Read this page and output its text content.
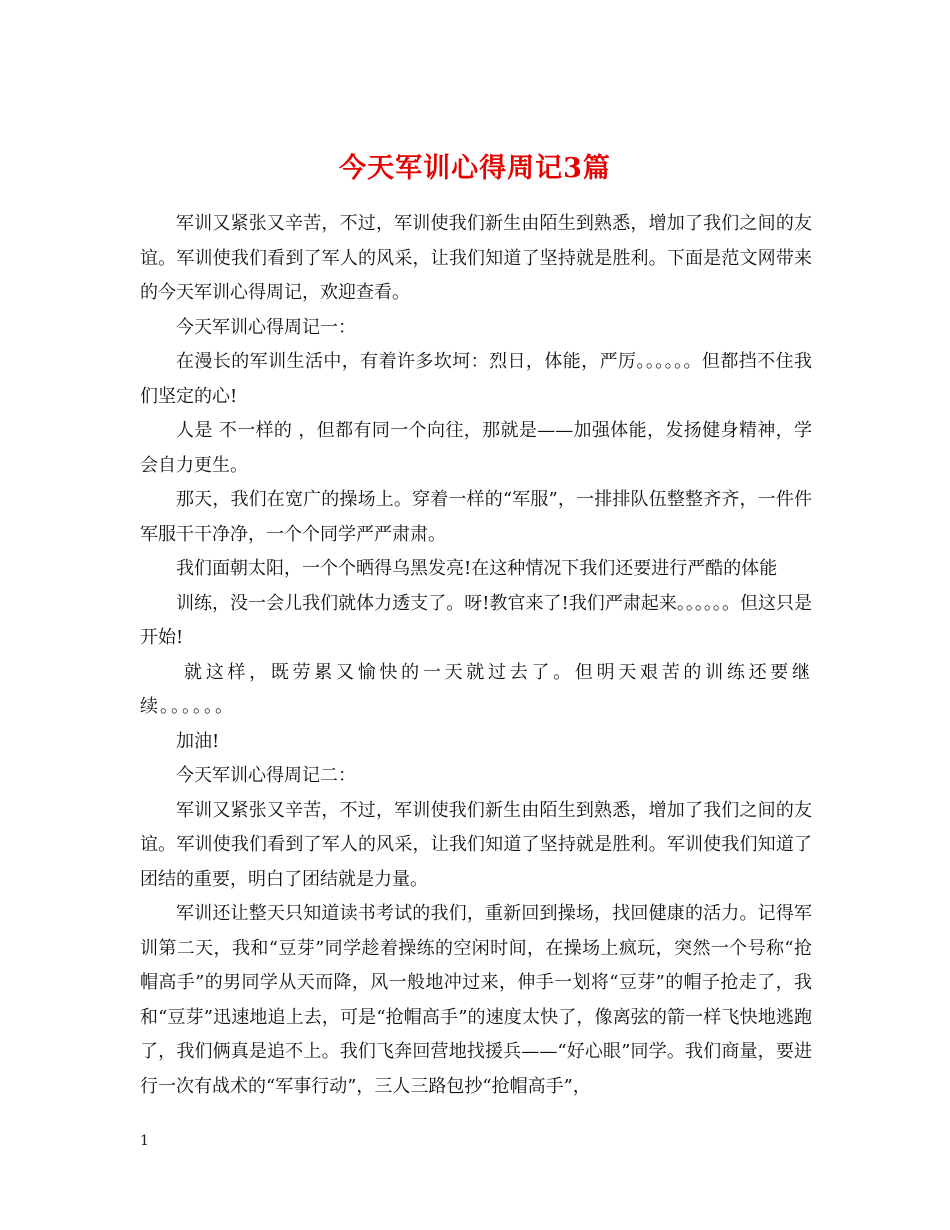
今天军训心得周记3篇

军训又紧张又辛苦，不过，军训使我们新生由陌生到熟悉，增加了我们之间的友谊。军训使我们看到了军人的风采，让我们知道了坚持就是胜利。下面是范文网带来的今天军训心得周记，欢迎查看。

今天军训心得周记一：

在漫长的军训生活中，有着许多坎坷：烈日，体能，严厉。。。。。。但都挡不住我们坚定的心!

人是 不一样的 ，但都有同一个向往，那就是——加强体能，发扬健身精神，学会自力更生。

那天，我们在宽广的操场上。穿着一样的“军服”，一排排队伍整整齐齐，一件件军服干干净净，一个个同学严严肃肃。

我们面朝太阳，一个个晒得乌黑发亮!在这种情况下我们还要进行严酷的体能

训练，没一会儿我们就体力透支了。呀!教官来了!我们严肃起来。。。。。。但这只是开始!

就这样，既劳累又愉快的一天就过去了。但明天艰苦的训练还要继续。。。。。。

加油!

今天军训心得周记二：

军训又紧张又辛苦，不过，军训使我们新生由陌生到熟悉，增加了我们之间的友谊。军训使我们看到了军人的风采，让我们知道了坚持就是胜利。军训使我们知道了团结的重要，明白了团结就是力量。

军训还让整天只知道读书考试的我们，重新回到操场，找回健康的活力。记得军训第二天，我和“豆芽”同学趁着操练的空闲时间，在操场上疯玩，突然一个号称“抢帽高手”的男同学从天而降，风一般地冲过来，伸手一划将“豆芽”的帽子抢走了，我和“豆芽”迅速地追上去，可是“抢帽高手”的速度太快了，像离弦的箭一样飞快地逃跑了，我们俩真是追不上。我们飞奔回营地找援兵——“好心眼”同学。我们商量，要进行一次有战术的“军事行动”，三人三路包抄“抢帽高手”，

1
